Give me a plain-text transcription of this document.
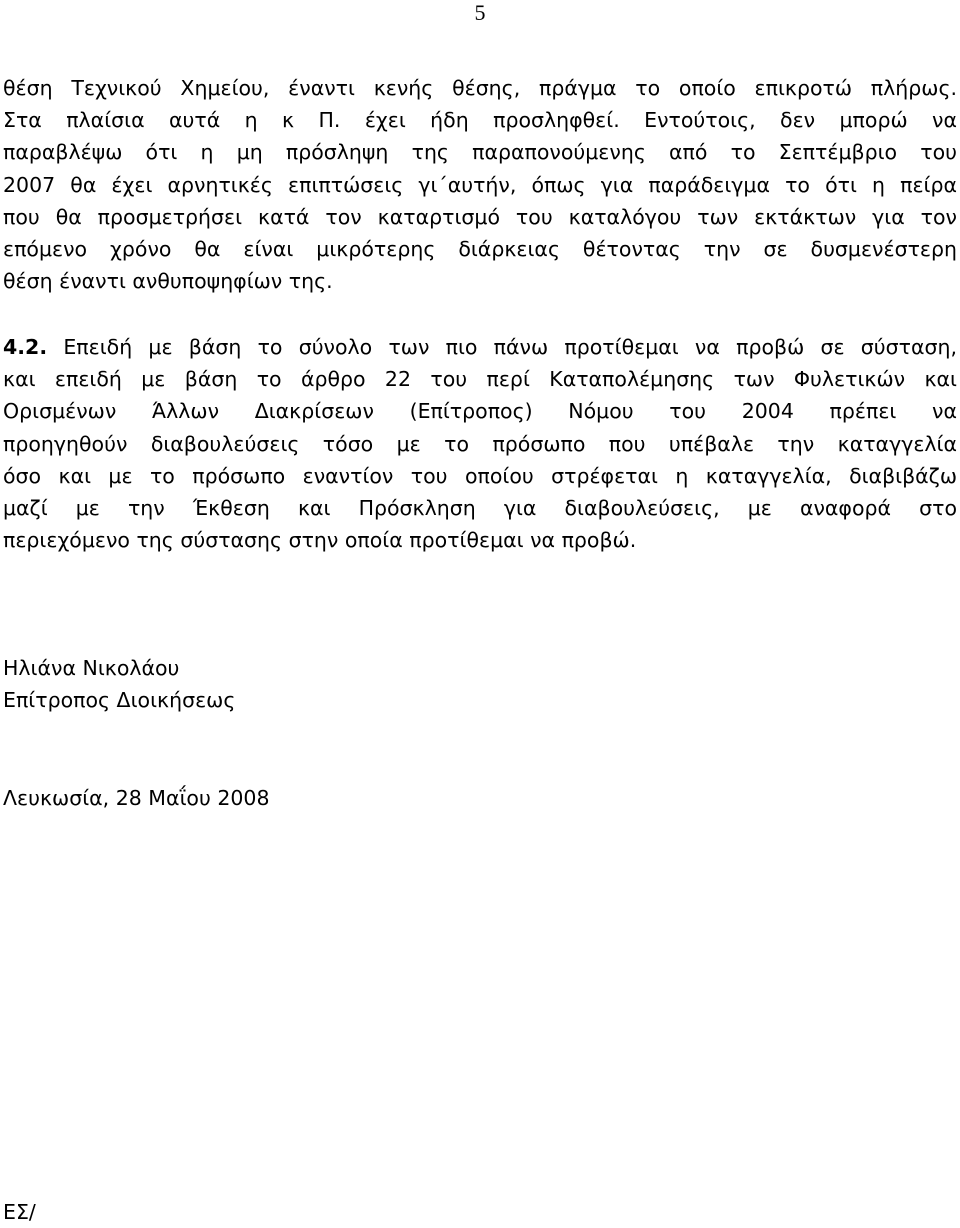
5

θέση Τεχνικού Χημείου, έναντι κενής θέσης, πράγμα το οποίο επικροτώ πλήρως.
Στα πλαίσια αυτά η κ Π. έχει ήδη προσληφθεί. Εντούτοις, δεν μπορώ να
παραβλέψω ότι η μη πρόσληψη της παραπονούμενης από το Σεπτέμβριο του
2007 θα έχει αρνητικές επιπτώσεις γι΄αυτήν, όπως για παράδειγμα το ότι η πείρα
που θα προσμετρήσει κατά τον καταρτισμό του καταλόγου των εκτάκτων για τον
επόμενο χρόνο θα είναι μικρότερης διάρκειας θέτοντας την σε δυσμενέστερη
θέση έναντι ανθυποψηφίων της.

4.2. Επειδή με βάση το σύνολο των πιο πάνω προτίθεμαι να προβώ σε σύσταση,
και επειδή με βάση το άρθρο 22 του περί Καταπολέμησης των Φυλετικών και
Ορισμένων Άλλων Διακρίσεων (Επίτροπος) Νόμου του 2004 πρέπει να
προηγηθούν διαβουλεύσεις τόσο με το πρόσωπο που υπέβαλε την καταγγελία
όσο και με το πρόσωπο εναντίον του οποίου στρέφεται η καταγγελία, διαβιβάζω
μαζί με την Έκθεση και Πρόσκληση για διαβουλεύσεις, με αναφορά στο
περιεχόμενο της σύστασης στην οποία προτίθεμαι να προβώ.

Ηλιάνα Νικολάου
Επίτροπος Διοικήσεως
Λευκωσία, 28 Μαΐου 2008
ΕΣ/
